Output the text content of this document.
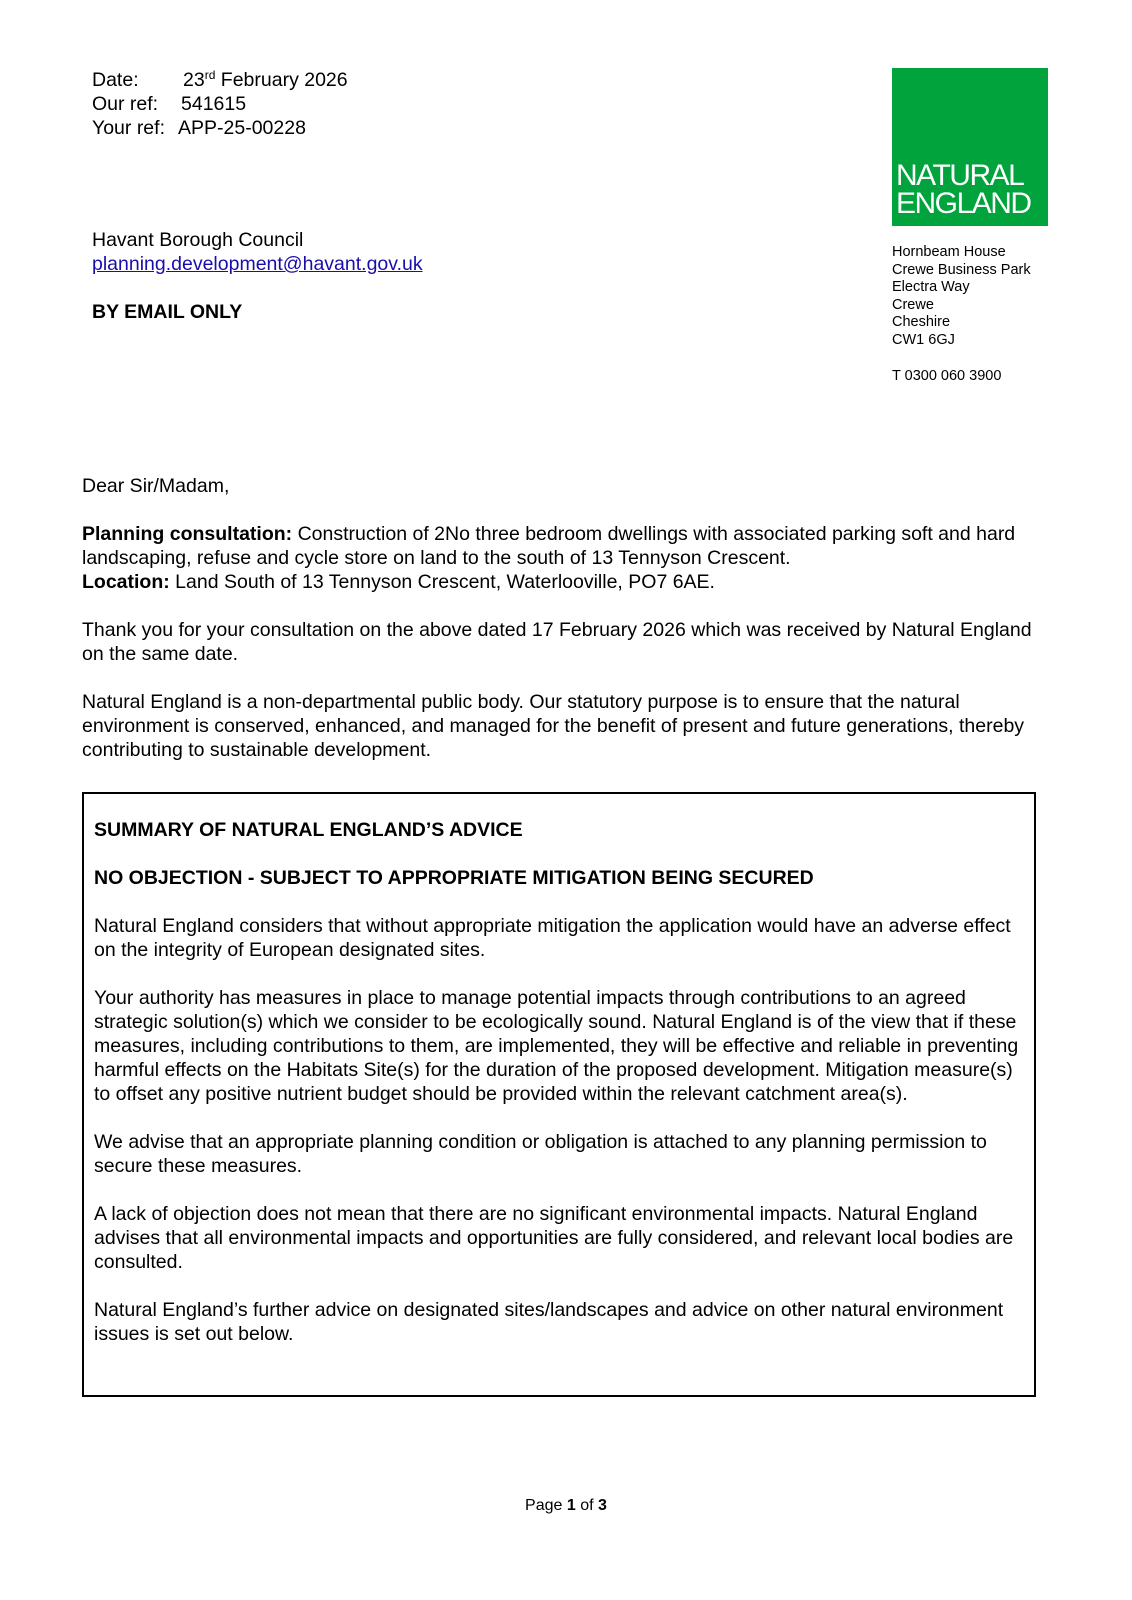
Date:	23rd February 2026
Our ref:	541615
Your ref: APP-25-00228
Havant Borough Council
planning.development@havant.gov.uk
BY EMAIL ONLY
NATURAL
ENGLAND
Hornbeam House
Crewe Business Park
Electra Way
Crewe
Cheshire
CW1 6GJ
T 0300 060 3900

Dear Sir/Madam,

Planning consultation: Construction of 2No three bedroom dwellings with associated parking soft and hard landscaping, refuse and cycle store on land to the south of 13 Tennyson Crescent.

Location: Land South of 13 Tennyson Crescent, Waterlooville, PO7 6AE.

Thank you for your consultation on the above dated 17 February 2026 which was received by Natural England on the same date.

Natural England is a non-departmental public body. Our statutory purpose is to ensure that the natural environment is conserved, enhanced, and managed for the benefit of present and future generations, thereby contributing to sustainable development.

SUMMARY OF NATURAL ENGLAND’S ADVICE

NO OBJECTION - SUBJECT TO APPROPRIATE MITIGATION BEING SECURED

Natural England considers that without appropriate mitigation the application would have an adverse effect on the integrity of European designated sites.

Your authority has measures in place to manage potential impacts through contributions to an agreed strategic solution(s) which we consider to be ecologically sound. Natural England is of the view that if these measures, including contributions to them, are implemented, they will be effective and reliable in preventing harmful effects on the Habitats Site(s) for the duration of the proposed development. Mitigation measure(s) to offset any positive nutrient budget should be provided within the relevant catchment area(s).

We advise that an appropriate planning condition or obligation is attached to any planning permission to secure these measures.

A lack of objection does not mean that there are no significant environmental impacts. Natural England advises that all environmental impacts and opportunities are fully considered, and relevant local bodies are consulted.

Natural England’s further advice on designated sites/landscapes and advice on other natural environment issues is set out below.

Page 1 of 3
